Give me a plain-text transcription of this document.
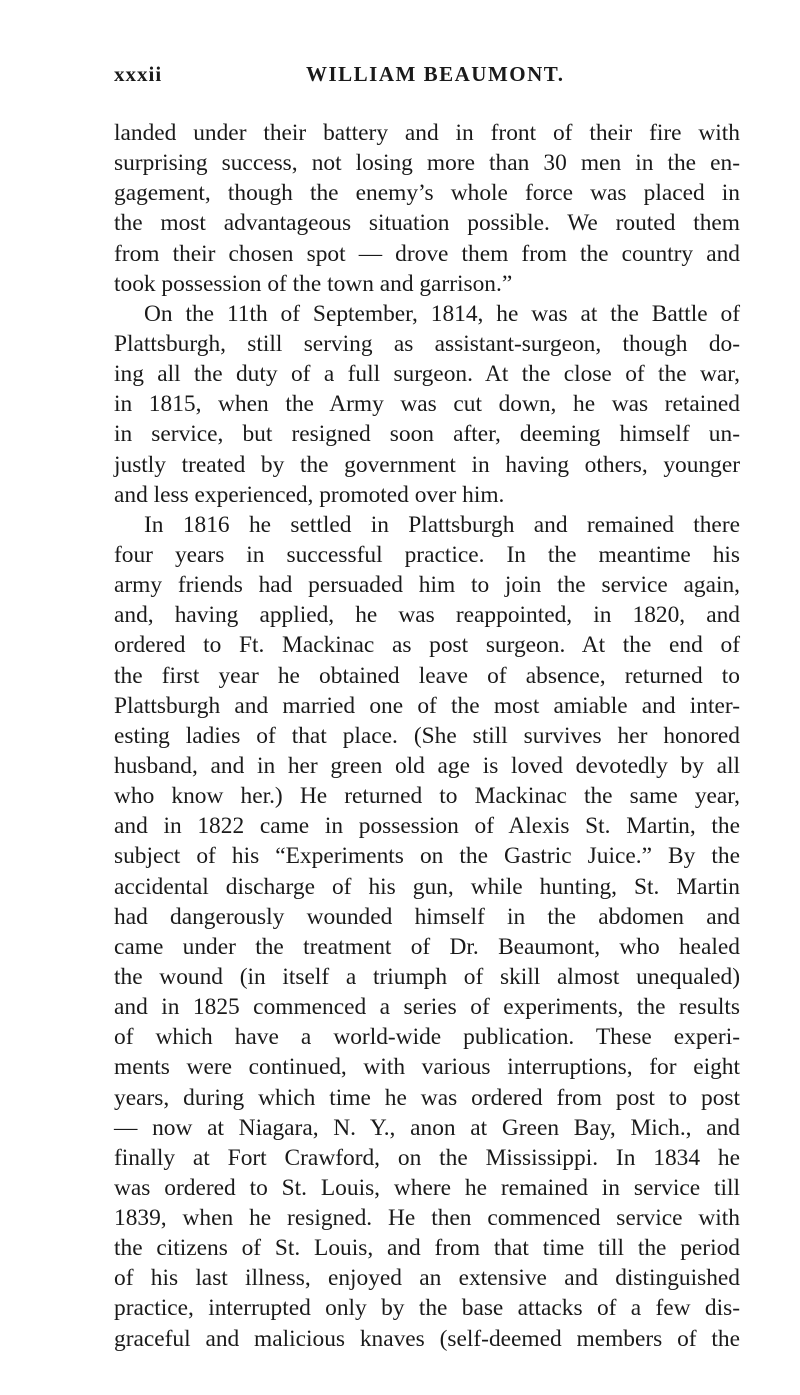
xxxii	WILLIAM BEAUMONT.
landed under their battery and in front of their fire with
surprising success, not losing more than 30 men in the en-
gagement, though the enemy’s whole force was placed in
the most advantageous situation possible. We routed them
from their chosen spot — drove them from the country and
took possession of the town and garrison.”
On the 11th of September, 1814, he was at the Battle of
Plattsburgh, still serving as assistant-surgeon, though do-
ing all the duty of a full surgeon. At the close of the war,
in 1815, when the Army was cut down, he was retained
in service, but resigned soon after, deeming himself un-
justly treated by the government in having others, younger
and less experienced, promoted over him.
In 1816 he settled in Plattsburgh and remained there
four years in successful practice. In the meantime his
army friends had persuaded him to join the service again,
and, having applied, he was reappointed, in 1820, and
ordered to Ft. Mackinac as post surgeon. At the end of
the first year he obtained leave of absence, returned to
Plattsburgh and married one of the most amiable and inter-
esting ladies of that place. (She still survives her honored
husband, and in her green old age is loved devotedly by all
who know her.) He returned to Mackinac the same year,
and in 1822 came in possession of Alexis St. Martin, the
subject of his “Experiments on the Gastric Juice.” By the
accidental discharge of his gun, while hunting, St. Martin
had dangerously wounded himself in the abdomen and
came under the treatment of Dr. Beaumont, who healed
the wound (in itself a triumph of skill almost unequaled)
and in 1825 commenced a series of experiments, the results
of which have a world-wide publication. These experi-
ments were continued, with various interruptions, for eight
years, during which time he was ordered from post to post
— now at Niagara, N. Y., anon at Green Bay, Mich., and
finally at Fort Crawford, on the Mississippi. In 1834 he
was ordered to St. Louis, where he remained in service till
1839, when he resigned. He then commenced service with
the citizens of St. Louis, and from that time till the period
of his last illness, enjoyed an extensive and distinguished
practice, interrupted only by the base attacks of a few dis-
graceful and malicious knaves (self-deemed members of the
